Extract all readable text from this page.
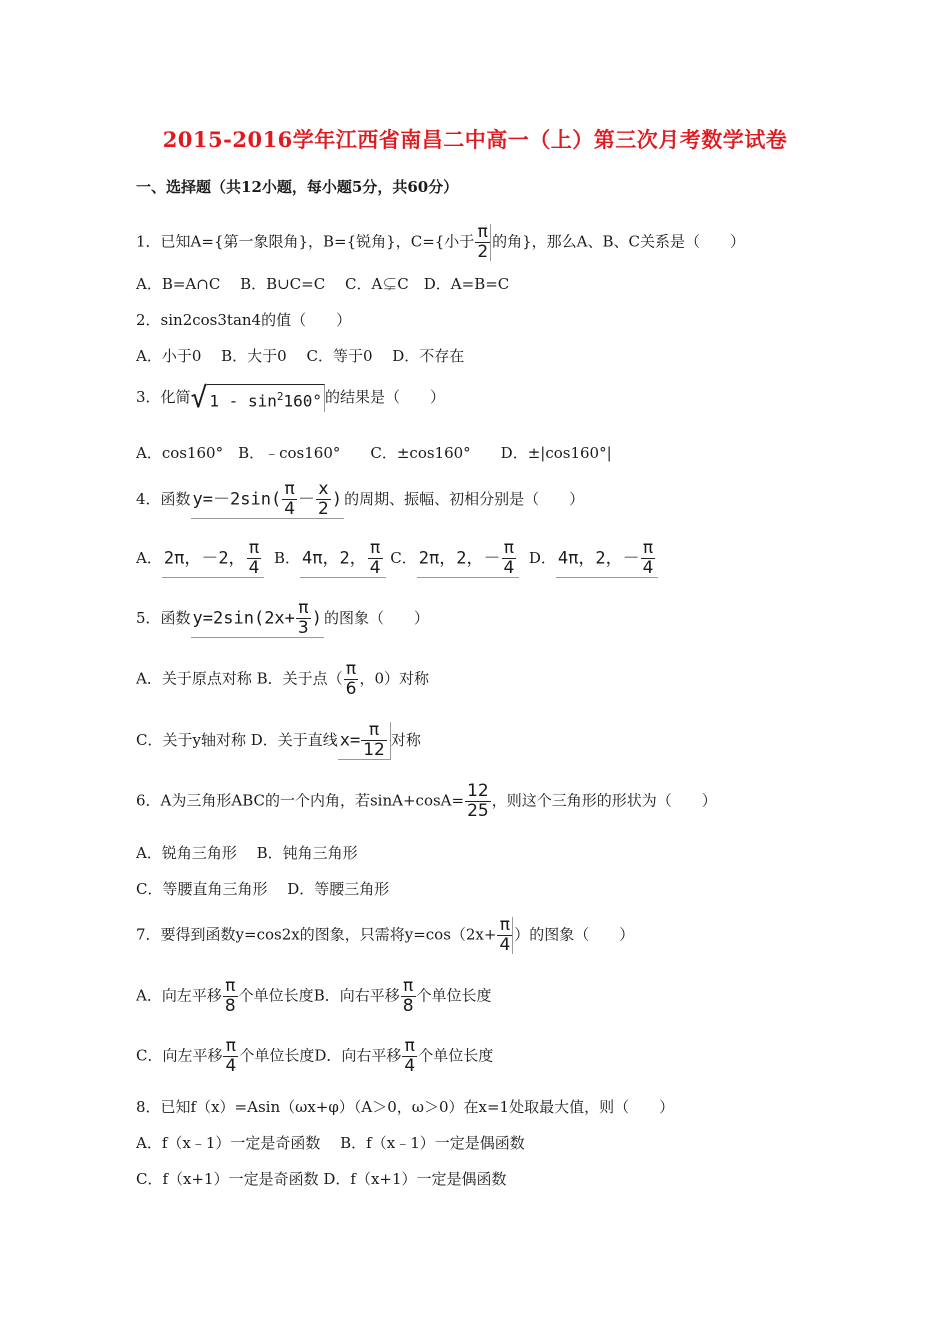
2015-2016学年江西省南昌二中高一（上）第三次月考数学试卷
一、选择题（共12小题，每小题5分，共60分）
1．已知A={第一象限角}，B={锐角}，C={小于 $\frac{\pi}{2}$ 的角}，那么A、B、C关系是（　　）
A．B=A∩C　 B．B∪C=C　 C．A⊊C　D．A=B=C
2．sin2cos3tan4的值（　　）
A．小于0　 B．大于0　 C．等于0　 D．不存在
3．化简 √ $1 - \sin^2160^\circ$ 的结果是（　　）
A．cos160°　B．﹣cos160°　　C．±cos160°　　D．±|cos160°|
4．函数 $y=-2\sin( \frac{\pi}{4} - \frac{x}{2}$ ) 的周期、振幅、初相分别是（　　）
A． 2π，－2， $\frac{\pi}{4}$ B． 4π，2， $\frac{\pi}{4}$ C． 2π，2，－ $\frac{\pi}{4}$ D． 4π，2，－ $\frac{\pi}{4}$
5．函数 $y=2\sin(2x+ \frac{\pi}{3}$ ) 的图象（　　）
A．关于原点对称 B．关于点（ $\frac{\pi}{6}$ ，0）对称
C．关于y轴对称 D．关于直线 $x= \frac{\pi}{12}$ 对称
6．A为三角形ABC的一个内角，若$\sin A+\cos A= \frac{12}{25}$ ，则这个三角形的形状为（　　）
A．锐角三角形　 B．钝角三角形
C．等腰直角三角形　 D．等腰三角形
7．要得到函数y=cos2x的图象，只需将$y=\cos(2x+ \frac{\pi}{4}$ ）的图象（　　）
A．向左平移 $\frac{\pi}{8}$ 个单位长度B．向右平移 $\frac{\pi}{8}$ 个单位长度
C．向左平移 $\frac{\pi}{4}$ 个单位长度D．向右平移 $\frac{\pi}{4}$ 个单位长度
8．已知f（x）=Asin（ωx+φ）（A＞0，ω＞0）在x=1处取最大值，则（　　）
A．f（x﹣1）一定是奇函数　 B．f（x﹣1）一定是偶函数
C．f（x+1）一定是奇函数 D．f（x+1）一定是偶函数
